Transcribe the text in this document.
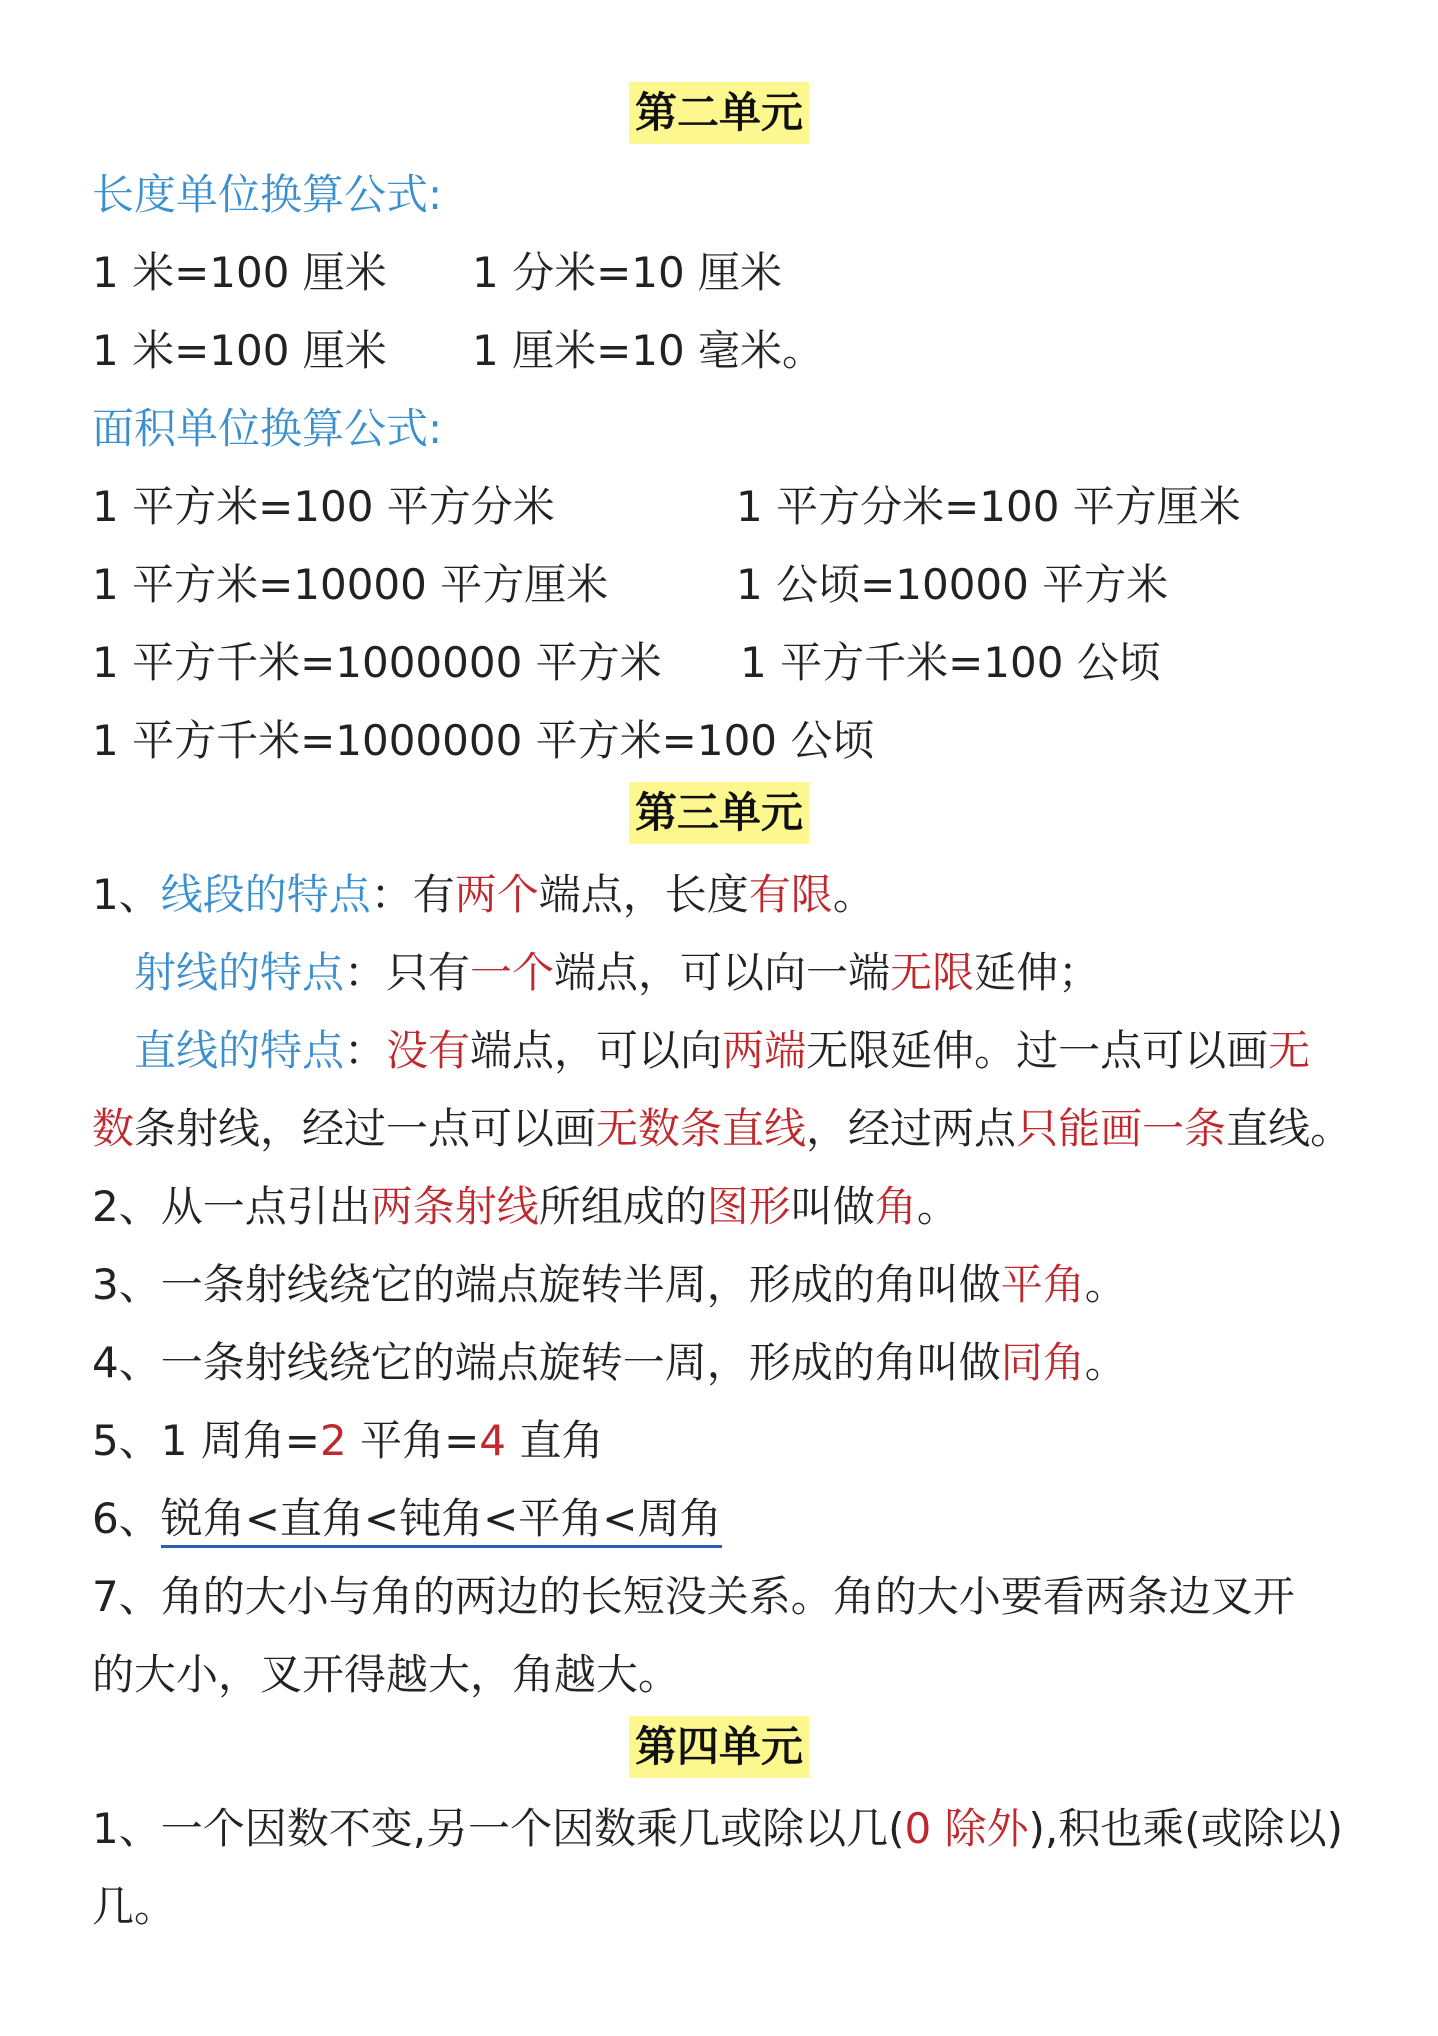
第二单元
长度单位换算公式:
1 米=100 厘米 1 分米=10 厘米
1 米=100 厘米 1 厘米=10 毫米。
面积单位换算公式:
1 平方米=100 平方分米	1 平方分米=100 平方厘米
1 平方米=10000 平方厘米	1 公顷=10000 平方米
1 平方千米=1000000 平方米 1 平方千米=100 公顷
1 平方千米=1000000 平方米=100 公顷
第三单元
1、线段的特点：有两个端点，长度有限。
射线的特点：只有一个端点，可以向一端无限延伸；
直线的特点：没有端点，可以向两端无限延伸。过一点可以画无
数条射线，经过一点可以画无数条直线，经过两点只能画一条直线。
2、从一点引出两条射线所组成的图形叫做角。
3、一条射线绕它的端点旋转半周，形成的角叫做平角。
4、一条射线绕它的端点旋转一周，形成的角叫做同角。
5、1 周角=2 平角=4 直角
6、锐角<直角<钝角<平角<周角
7、角的大小与角的两边的长短没关系。角的大小要看两条边叉开
的大小，叉开得越大，角越大。
第四单元
1、一个因数不变,另一个因数乘几或除以几(0 除外),积也乘(或除以)
几。
